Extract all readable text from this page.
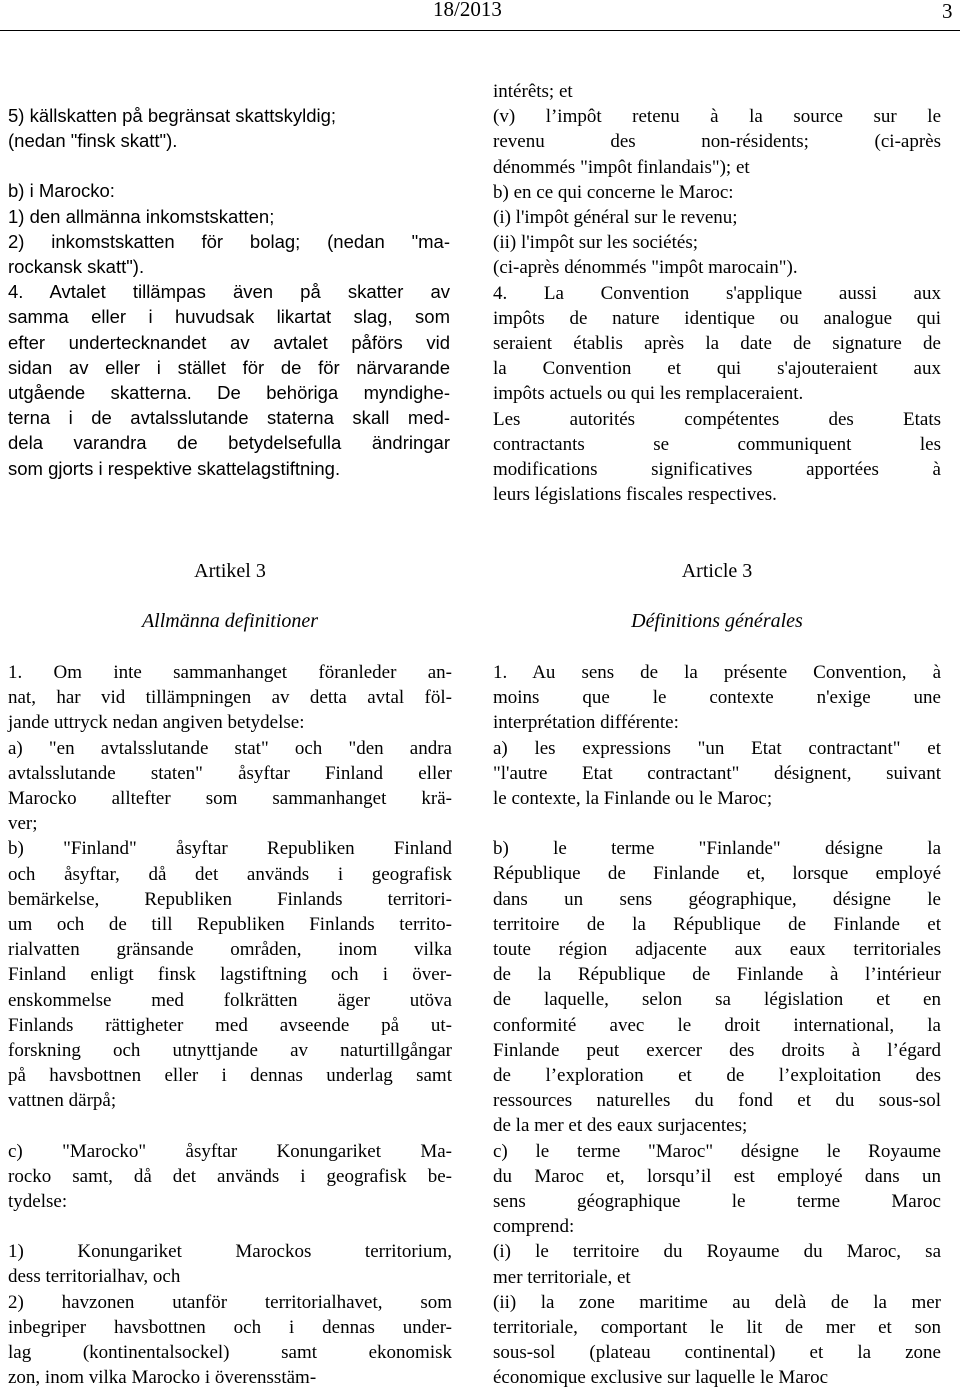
18/2013	3

5) källskatten på begränsat skattskyldig;

(nedan "finsk skatt").

b) i Marocko:

1) den allmänna inkomstskatten;

2) inkomstskatten för bolag; (nedan "ma-

rockansk skatt").

4. Avtalet tillämpas även på skatter av

samma eller i huvudsak likartat slag, som

efter undertecknandet av avtalet påförs vid

sidan av eller i stället för de för närvarande

utgående skatterna. De behöriga myndighe-

terna i de avtalsslutande staterna skall med-

dela varandra de betydelsefulla ändringar

som gjorts i respektive skattelagstiftning.

intérêts; et

(v) l’impôt retenu à la source sur le

revenu des non-résidents; (ci-après

dénommés "impôt finlandais"); et

b) en ce qui concerne le Maroc:

(i) l'impôt général sur le revenu;

(ii) l'impôt sur les sociétés;

(ci-après dénommés "impôt marocain").

4. La Convention s'applique aussi aux

impôts de nature identique ou analogue qui

seraient établis après la date de signature de

la Convention et qui s'ajouteraient aux

impôts actuels ou qui les remplaceraient.

Les autorités compétentes des Etats

contractants se communiquent les

modifications significatives apportées à

leurs législations fiscales respectives.

Artikel 3
Allmänna definitioner
Article 3
Définitions générales

1. Om inte sammanhanget föranleder an-

nat, har vid tillämpningen av detta avtal föl-

jande uttryck nedan angiven betydelse:

a) "en avtalsslutande stat" och "den andra

avtalsslutande staten" åsyftar Finland eller

Marocko alltefter som sammanhanget krä-

ver;

b) "Finland" åsyftar Republiken Finland

och åsyftar, då det används i geografisk

bemärkelse, Republiken Finlands territori-

um och de till Republiken Finlands territo-

rialvatten gränsande områden, inom vilka

Finland enligt finsk lagstiftning och i över-

enskommelse med folkrätten äger utöva

Finlands rättigheter med avseende på ut-

forskning och utnyttjande av naturtillgångar

på havsbottnen eller i dennas underlag samt

vattnen därpå;

c) "Marocko" åsyftar Konungariket Ma-

rocko samt, då det används i geografisk be-

tydelse:

1) Konungariket Marockos territorium,

dess territorialhav, och

2) havzonen utanför territorialhavet, som

inbegriper havsbottnen och i dennas under-

lag (kontinentalsockel) samt ekonomisk

zon, inom vilka Marocko i överensstäm-

1. Au sens de la présente Convention, à

moins que le contexte n'exige une

interprétation différente:

a) les expressions "un Etat contractant" et

"l'autre Etat contractant" désignent, suivant

le contexte, la Finlande ou le Maroc;

b) le terme "Finlande" désigne la

République de Finlande et, lorsque employé

dans un sens géographique, désigne le

territoire de la République de Finlande et

toute région adjacente aux eaux territoriales

de la République de Finlande à l’intérieur

de laquelle, selon sa législation et en

conformité avec le droit international, la

Finlande peut exercer des droits à l’égard

de l’exploration et de l’exploitation des

ressources naturelles du fond et du sous-sol

de la mer et des eaux surjacentes;

c) le terme "Maroc" désigne le Royaume

du Maroc et, lorsqu’il est employé dans un

sens géographique le terme Maroc

comprend:

(i) le territoire du Royaume du Maroc, sa

mer territoriale, et

(ii) la zone maritime au delà de la mer

territoriale, comportant le lit de mer et son

sous-sol (plateau continental) et la zone

économique exclusive sur laquelle le Maroc
